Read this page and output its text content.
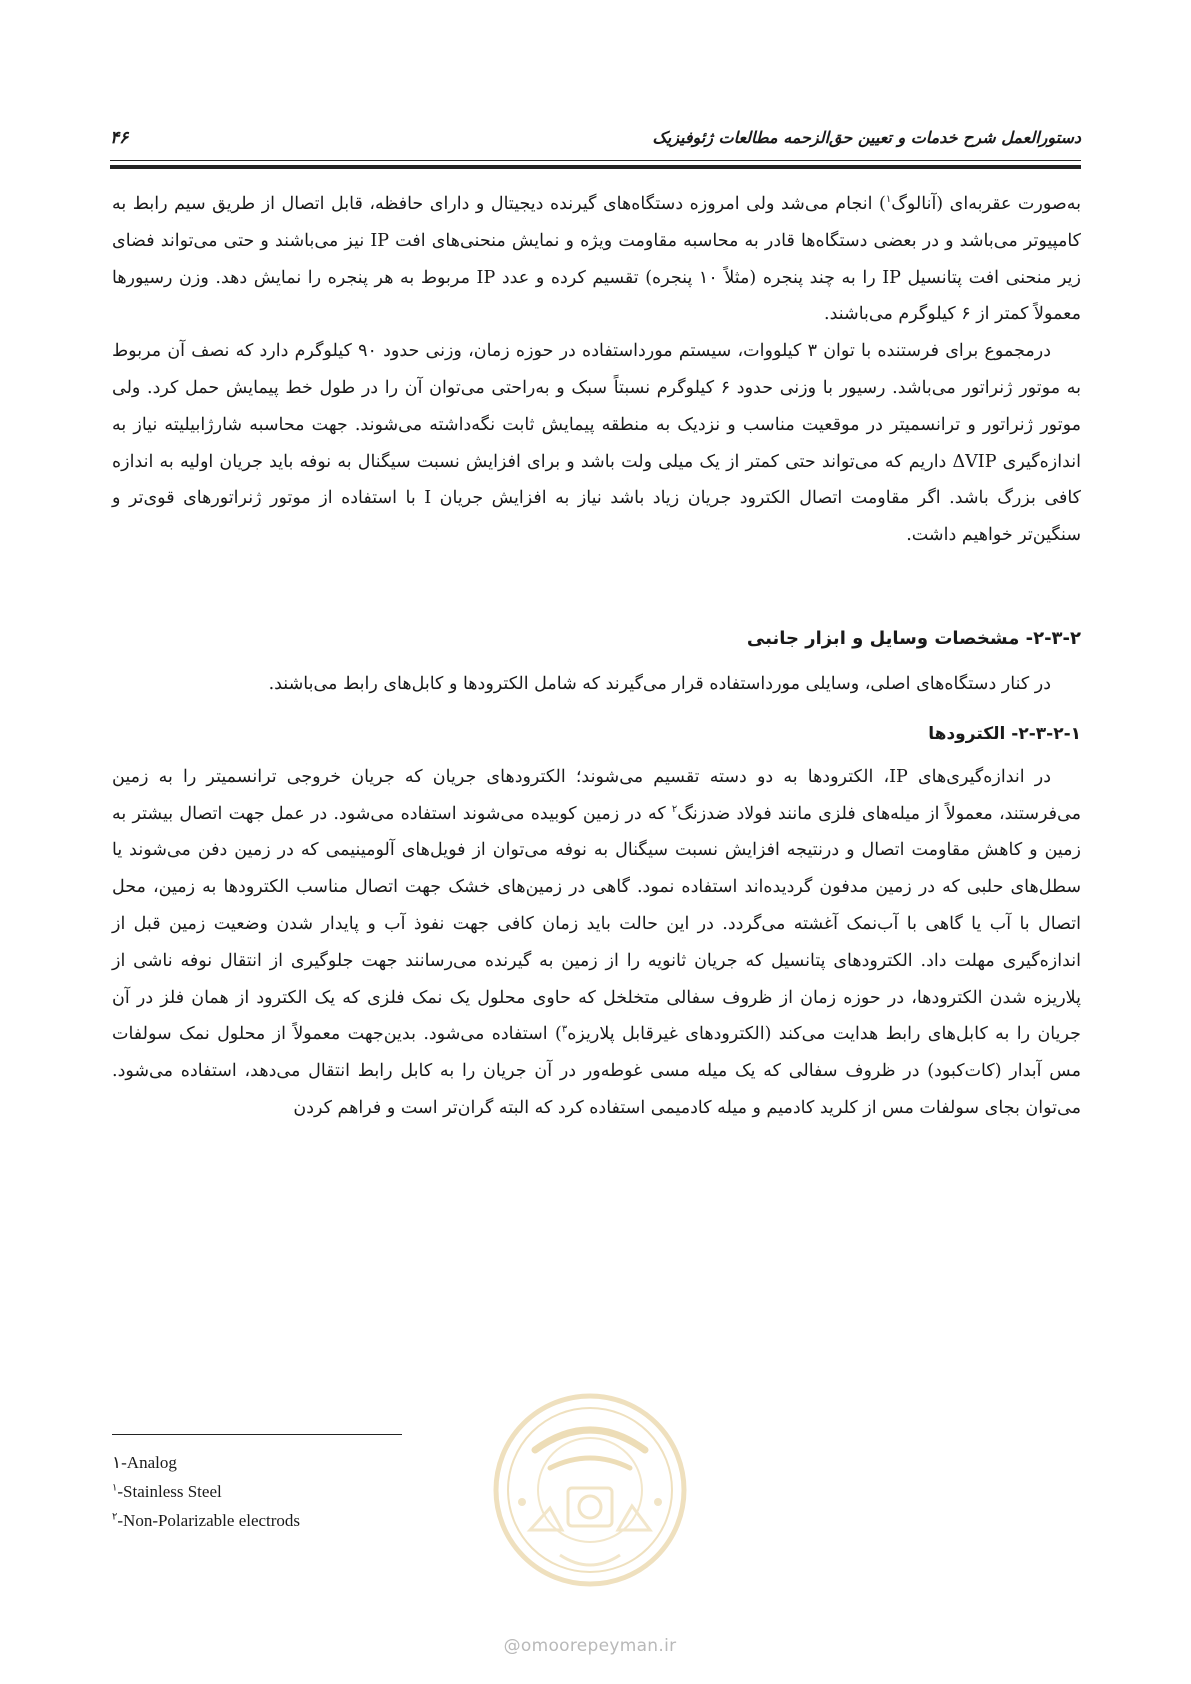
۴۶	دستورالعمل شرح خدمات و تعیین حق‌الزحمه مطالعات ژئوفیزیک

به‌صورت عقربه‌ای (آنالوگ$^۱$) انجام می‌شد ولی امروزه دستگاه‌های گیرنده دیجیتال و دارای حافظه، قابل اتصال از طریق سیم رابط به کامپیوتر می‌باشد و در بعضی دستگاه‌ها قادر به محاسبه مقاومت ویژه و نمایش منحنی‌های افت IP نیز می‌باشند و حتی می‌تواند فضای زیر منحنی افت پتانسیل IP را به چند پنجره (مثلاً ۱۰ پنجره) تقسیم کرده و عدد IP مربوط به هر پنجره را نمایش دهد. وزن رسیورها معمولاً کمتر از ۶ کیلوگرم می‌باشند.

درمجموع برای فرستنده با توان ۳ کیلووات، سیستم مورداستفاده در حوزه زمان، وزنی حدود ۹۰ کیلوگرم دارد که نصف آن مربوط به موتور ژنراتور می‌باشد. رسیور با وزنی حدود ۶ کیلوگرم نسبتاً سبک و به‌راحتی می‌توان آن را در طول خط پیمایش حمل کرد. ولی موتور ژنراتور و ترانسمیتر در موقعیت مناسب و نزدیک به منطقه پیمایش ثابت نگه‌داشته می‌شوند. جهت محاسبه شارژابیلیته نیاز به اندازه‌گیری ΔVIP داریم که می‌تواند حتی کمتر از یک میلی ولت باشد و برای افزایش نسبت سیگنال به نوفه باید جریان اولیه به اندازه کافی بزرگ باشد. اگر مقاومت اتصال الکترود جریان زیاد باشد نیاز به افزایش جریان I با استفاده از موتور ژنراتورهای قوی‌تر و سنگین‌تر خواهیم داشت.

۲-۳-۲- مشخصات وسایل و ابزار جانبی

در کنار دستگاه‌های اصلی، وسایلی مورداستفاده قرار می‌گیرند که شامل الکترودها و کابل‌های رابط می‌باشند.

۲-۳-۲-۱- الکترودها

در اندازه‌گیری‌های IP، الکترودها به دو دسته تقسیم می‌شوند؛ الکترودهای جریان که جریان خروجی ترانسمیتر را به زمین می‌فرستند، معمولاً از میله‌های فلزی مانند فولاد ضدزنگ$^۲$ که در زمین کوبیده می‌شوند استفاده می‌شود. در عمل جهت اتصال بیشتر به زمین و کاهش مقاومت اتصال و درنتیجه افزایش نسبت سیگنال به نوفه می‌توان از فویل‌های آلومینیمی که در زمین دفن می‌شوند یا سطل‌های حلبی که در زمین مدفون گردیده‌اند استفاده نمود. گاهی در زمین‌های خشک جهت اتصال مناسب الکترودها به زمین، محل اتصال با آب یا گاهی با آب‌نمک آغشته می‌گردد. در این حالت باید زمان کافی جهت نفوذ آب و پایدار شدن وضعیت زمین قبل از اندازه‌گیری مهلت داد. الکترودهای پتانسیل که جریان ثانویه را از زمین به گیرنده می‌رسانند جهت جلوگیری از انتقال نوفه ناشی از پلاریزه شدن الکترودها، در حوزه زمان از ظروف سفالی متخلخل که حاوی محلول یک نمک فلزی که یک الکترود از همان فلز در آن جریان را به کابل‌های رابط هدایت می‌کند (الکترودهای غیرقابل پلاریزه$^۳$) استفاده می‌شود. بدین‌جهت معمولاً از محلول نمک سولفات مس آبدار (کات‌کبود) در ظروف سفالی که یک میله مسی غوطه‌ور در آن جریان را به کابل رابط انتقال می‌دهد، استفاده می‌شود. می‌توان بجای سولفات مس از کلرید کادمیم و میله کادمیمی استفاده کرد که البته گران‌تر است و فراهم کردن

۱-Analog
$^۱$-Stainless Steel
$^۲$-Non-Polarizable electrods
@omoorepeyman.ir
